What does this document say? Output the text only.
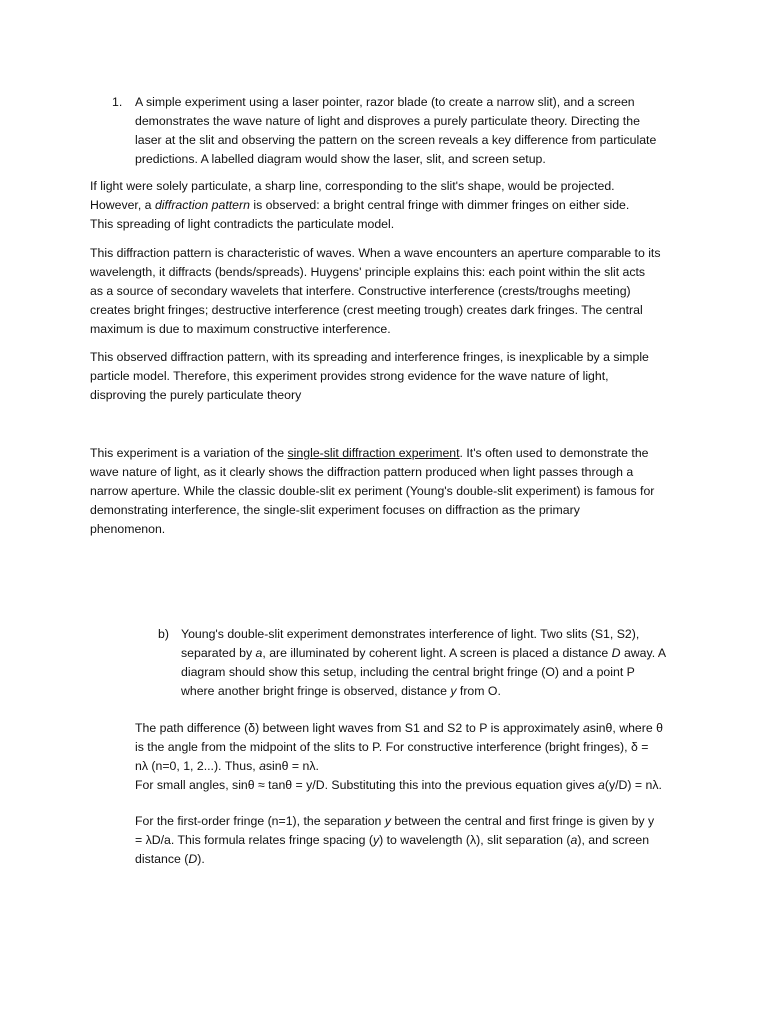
1. A simple experiment using a laser pointer, razor blade (to create a narrow slit), and a screen
demonstrates the wave nature of light and disproves a purely particulate theory. Directing the
laser at the slit and observing the pattern on the screen reveals a key difference from particulate
predictions. A labelled diagram would show the laser, slit, and screen setup.
If light were solely particulate, a sharp line, corresponding to the slit's shape, would be projected.
However, a diffraction pattern is observed: a bright central fringe with dimmer fringes on either side.
This spreading of light contradicts the particulate model.
This diffraction pattern is characteristic of waves. When a wave encounters an aperture comparable to its
wavelength, it diffracts (bends/spreads). Huygens' principle explains this: each point within the slit acts
as a source of secondary wavelets that interfere. Constructive interference (crests/troughs meeting)
creates bright fringes; destructive interference (crest meeting trough) creates dark fringes. The central
maximum is due to maximum constructive interference.
This observed diffraction pattern, with its spreading and interference fringes, is inexplicable by a simple
particle model. Therefore, this experiment provides strong evidence for the wave nature of light,
disproving the purely particulate theory
This experiment is a variation of the single-slit diffraction experiment. It's often used to demonstrate the
wave nature of light, as it clearly shows the diffraction pattern produced when light passes through a
narrow aperture. While the classic double-slit ex periment (Young's double-slit experiment) is famous for
demonstrating interference, the single-slit experiment focuses on diffraction as the primary
phenomenon.
b) Young's double-slit experiment demonstrates interference of light. Two slits (S1, S2),
separated by a, are illuminated by coherent light. A screen is placed a distance D away. A
diagram should show this setup, including the central bright fringe (O) and a point P
where another bright fringe is observed, distance y from O.
The path difference (δ) between light waves from S1 and S2 to P is approximately asinθ, where θ
is the angle from the midpoint of the slits to P. For constructive interference (bright fringes), δ =
nλ (n=0, 1, 2...). Thus, asinθ = nλ.
For small angles, sinθ ≈ tanθ = y/D. Substituting this into the previous equation gives a(y/D) = nλ.
For the first-order fringe (n=1), the separation y between the central and first fringe is given by y
= λD/a. This formula relates fringe spacing (y) to wavelength (λ), slit separation (a), and screen
distance (D).
